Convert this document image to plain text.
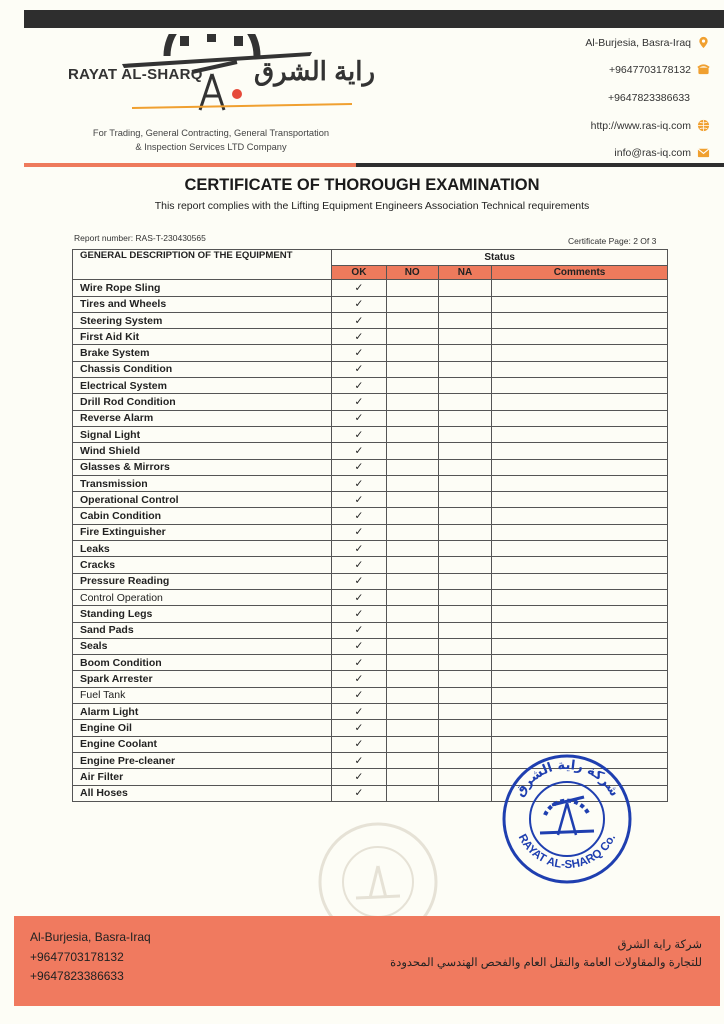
RAYAT AL-SHARQ راية الشرق
For Trading, General Contracting, General Transportation
& Inspection Services LTD Company
Al-Burjesia, Basra-Iraq
+9647703178132
+9647823386633
http://www.ras-iq.com
info@ras-iq.com
CERTIFICATE OF THOROUGH EXAMINATION
This report complies with the Lifting Equipment Engineers Association Technical requirements
Report number: RAS-T-230430565	Certificate Page: 2 Of 3
GENERAL DESCRIPTION OF THE EQUIPMENT	Status			
	OK	NO	NA	Comments
Wire Rope Sling	✓			
Tires and Wheels	✓			
Steering System	✓			
First Aid Kit	✓			
Brake System	✓			
Chassis Condition	✓			
Electrical System	✓			
Drill Rod Condition	✓			
Reverse Alarm	✓			
Signal Light	✓			
Wind Shield	✓			
Glasses & Mirrors	✓			
Transmission	✓			
Operational Control	✓			
Cabin Condition	✓			
Fire Extinguisher	✓			
Leaks	✓			
Cracks	✓			
Pressure Reading	✓			
Control Operation	✓			
Standing Legs	✓			
Sand Pads	✓			
Seals	✓			
Boom Condition	✓			
Spark Arrester	✓			
Fuel Tank	✓			
Alarm Light	✓			
Engine Oil	✓			
Engine Coolant	✓			
Engine Pre-cleaner	✓			
Air Filter	✓			
All Hoses	✓				شركة راية الشرق
RAYAT AL-SHARQ Co.
Al-Burjesia, Basra-Iraq
+9647703178132
+9647823386633
شركة راية الشرق
للتجارة والمقاولات العامة والنقل العام والفحص الهندسي المحدودة
